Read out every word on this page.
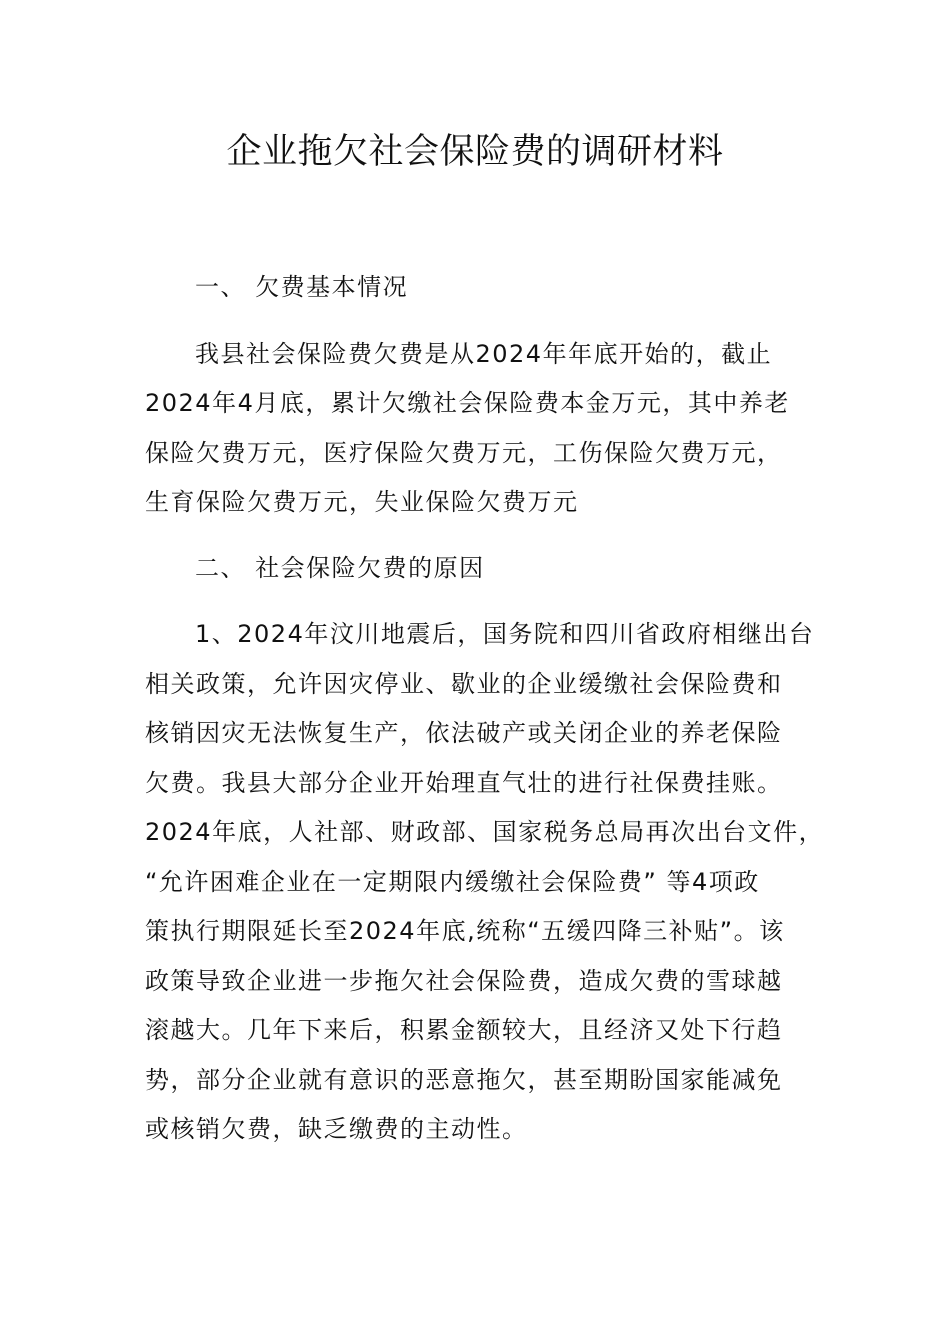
企业拖欠社会保险费的调研材料
一、 欠费基本情况
我县社会保险费欠费是从2024年年底开始的，截止
2024年4月底，累计欠缴社会保险费本金万元，其中养老
保险欠费万元，医疗保险欠费万元，工伤保险欠费万元，
生育保险欠费万元，失业保险欠费万元
二、 社会保险欠费的原因
1、2024年汶川地震后，国务院和四川省政府相继出台
相关政策，允许因灾停业、歇业的企业缓缴社会保险费和
核销因灾无法恢复生产，依法破产或关闭企业的养老保险
欠费。我县大部分企业开始理直气壮的进行社保费挂账。
2024年底，人社部、财政部、国家税务总局再次出台文件，
“允许困难企业在一定期限内缓缴社会保险费” 等4项政
策执行期限延长至2024年底,统称“五缓四降三补贴”。该
政策导致企业进一步拖欠社会保险费，造成欠费的雪球越
滚越大。几年下来后，积累金额较大，且经济又处下行趋
势，部分企业就有意识的恶意拖欠，甚至期盼国家能减免
或核销欠费，缺乏缴费的主动性。
